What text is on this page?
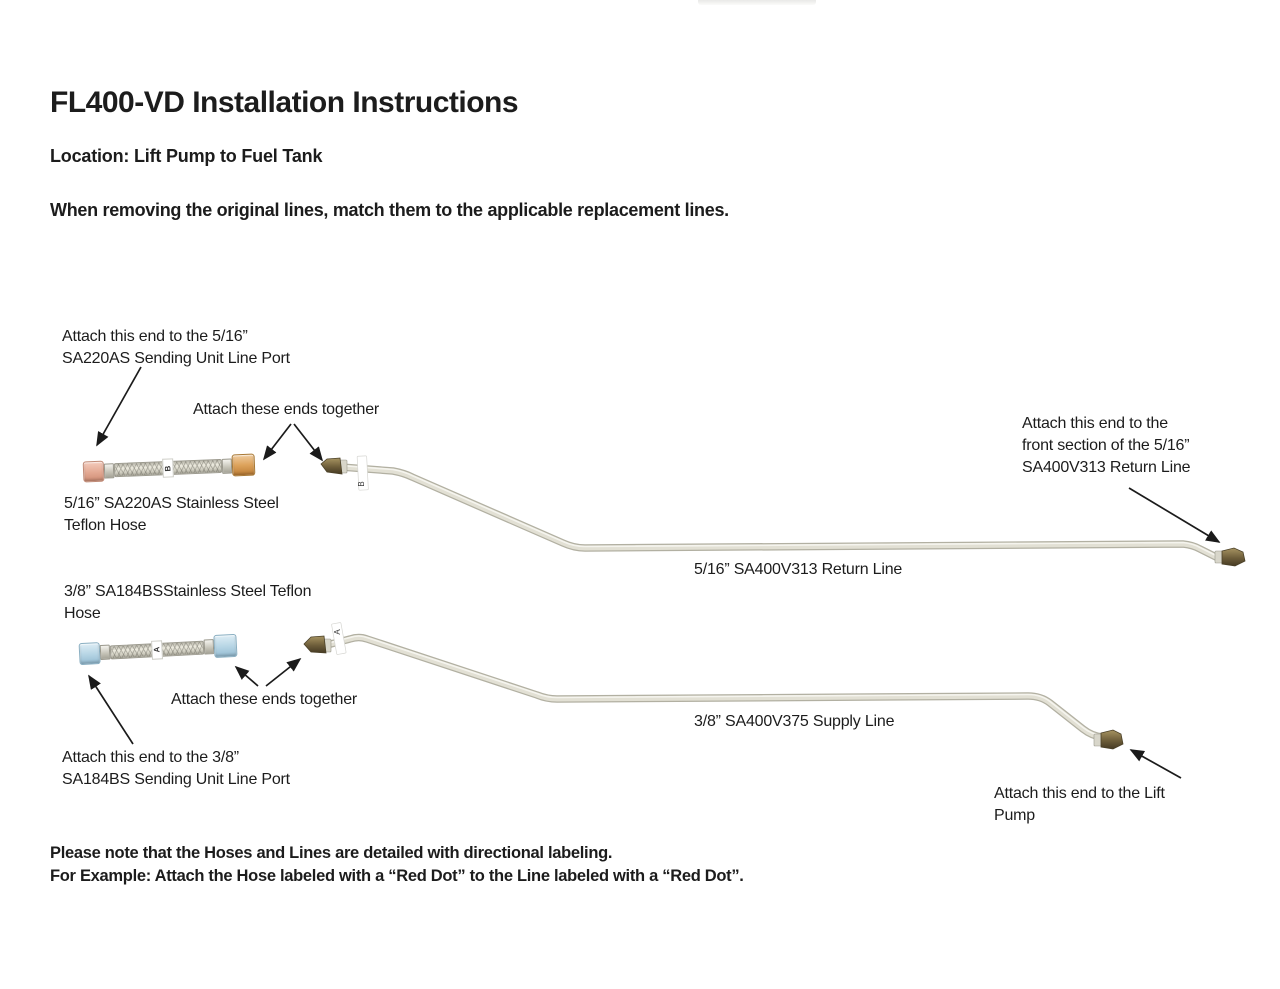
FL400-VD Installation Instructions
Location: Lift Pump to Fuel Tank
When removing the original lines, match them to the applicable replacement lines.
B
A
B
A
Attach this end to the 5/16”
SA220AS Sending Unit Line Port
Attach these ends together
5/16” SA220AS Stainless Steel
Teflon Hose
Attach this end to the
front section of the 5/16”
SA400V313 Return Line
5/16” SA400V313 Return Line
3/8” SA184BSStainless Steel Teflon
Hose
Attach these ends together
3/8” SA400V375 Supply Line
Attach this end to the 3/8”
SA184BS Sending Unit Line Port
Attach this end to the Lift
Pump
Please note that the Hoses and Lines are detailed with directional labeling.
For Example: Attach the Hose labeled with a “Red Dot” to the Line labeled with a “Red Dot”.
